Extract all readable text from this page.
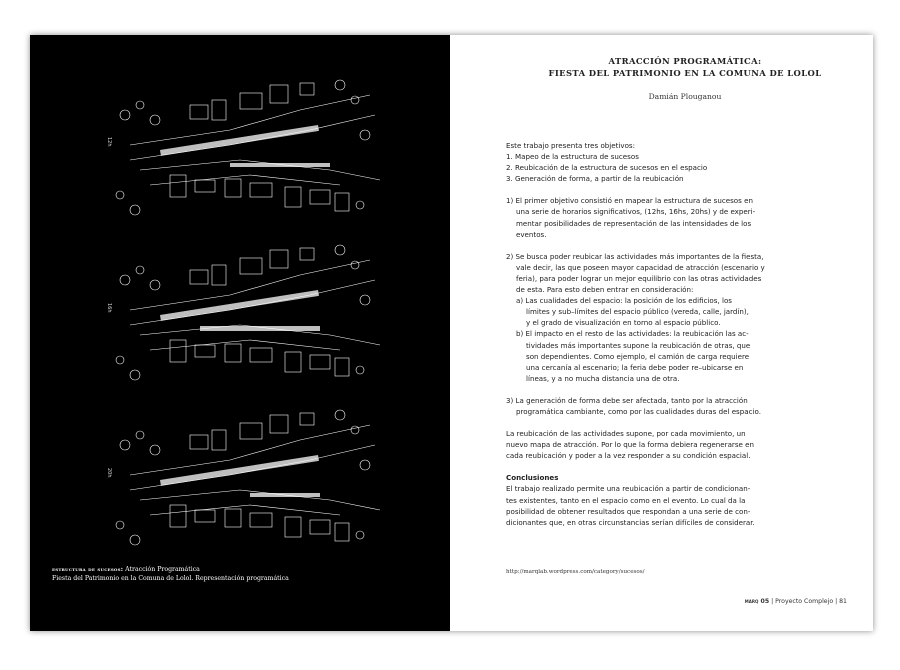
12h
16h
20h
estructura de sucesos: Atracción Programática
Fiesta del Patrimonio en la Comuna de Lolol. Representación programática
ATRACCIÓN PROGRAMÁTICA:
FIESTA DEL PATRIMONIO EN LA COMUNA DE LOLOL
Damián Plouganou

Este trabajo presenta tres objetivos:

1. Mapeo de la estructura de sucesos

2. Reubicación de la estructura de sucesos en el espacio

3. Generación de forma, a partir de la reubicación

1) El primer objetivo consistió en mapear la estructura de sucesos en

una serie de horarios significativos, (12hs, 16hs, 20hs) y de experi-

mentar posibilidades de representación de las intensidades de los

eventos.

2) Se busca poder reubicar las actividades más importantes de la fiesta,

vale decir, las que poseen mayor capacidad de atracción (escenario y

feria), para poder lograr un mejor equilibrio con las otras actividades

de esta. Para esto deben entrar en consideración:

a) Las cualidades del espacio: la posición de los edificios, los

límites y sub–límites del espacio público (vereda, calle, jardín),

y el grado de visualización en torno al espacio público.

b) El impacto en el resto de las actividades: la reubicación las ac-

tividades más importantes supone la reubicación de otras, que

son dependientes. Como ejemplo, el camión de carga requiere

una cercanía al escenario; la feria debe poder re–ubicarse en

líneas, y a no mucha distancia una de otra.

3) La generación de forma debe ser afectada, tanto por la atracción

programática cambiante, como por las cualidades duras del espacio.

La reubicación de las actividades supone, por cada movimiento, un

nuevo mapa de atracción. Por lo que la forma debiera regenerarse en

cada reubicación y poder a la vez responder a su condición espacial.

Conclusiones

El trabajo realizado permite una reubicación a partir de condicionan-

tes existentes, tanto en el espacio como en el evento. Lo cual da la

posibilidad de obtener resultados que respondan a una serie de con-

dicionantes que, en otras circunstancias serían difíciles de considerar.

http://marqlab.wordpress.com/category/sucesos/
marq 05 | Proyecto Complejo | 81
